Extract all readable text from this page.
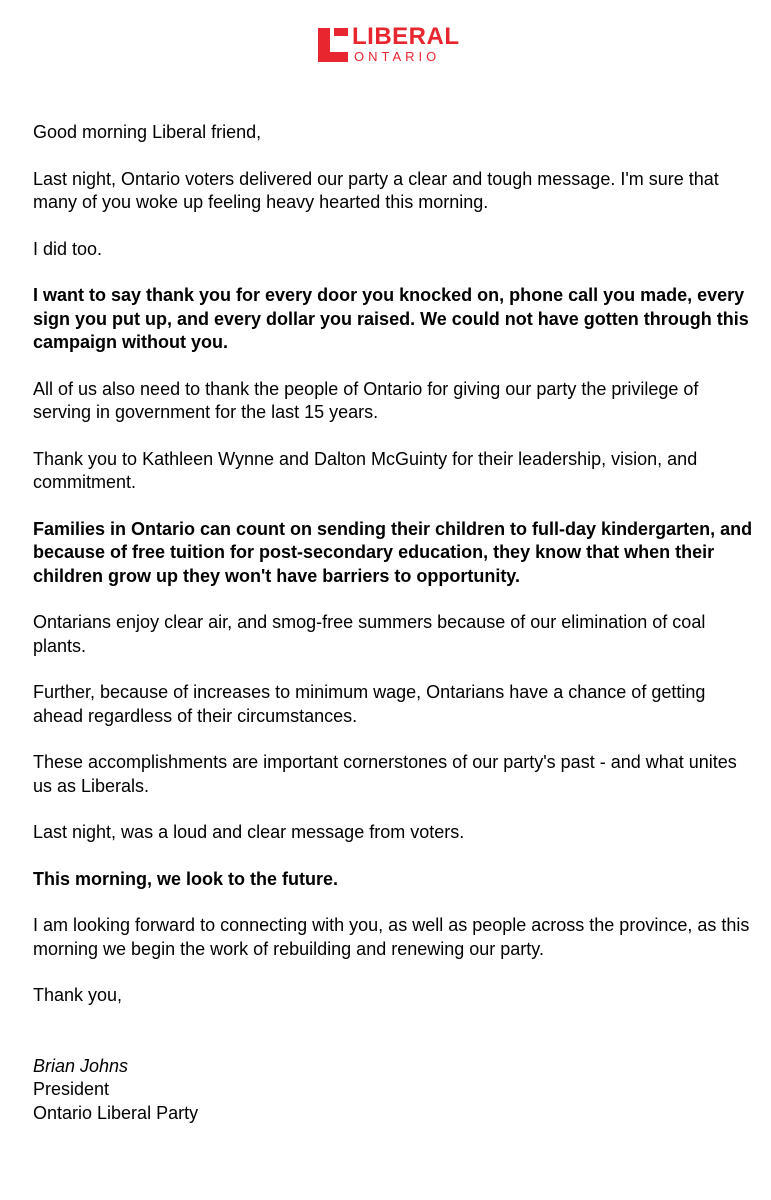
LIBERAL
ONTARIO

Good morning Liberal friend,

Last night, Ontario voters delivered our party a clear and tough message. I'm sure that many of you woke up feeling heavy hearted this morning.

I did too.

I want to say thank you for every door you knocked on, phone call you made, every sign you put up, and every dollar you raised. We could not have gotten through this campaign without you.

All of us also need to thank the people of Ontario for giving our party the privilege of serving in government for the last 15 years.

Thank you to Kathleen Wynne and Dalton McGuinty for their leadership, vision, and commitment.

Families in Ontario can count on sending their children to full-day kindergarten, and because of free tuition for post-secondary education, they know that when their children grow up they won't have barriers to opportunity.

Ontarians enjoy clear air, and smog-free summers because of our elimination of coal plants.

Further, because of increases to minimum wage, Ontarians have a chance of getting ahead regardless of their circumstances.

These accomplishments are important cornerstones of our party's past - and what unites us as Liberals.

Last night, was a loud and clear message from voters.

This morning, we look to the future.

I am looking forward to connecting with you, as well as people across the province, as this morning we begin the work of rebuilding and renewing our party.

Thank you,

Brian Johns
President
Ontario Liberal Party
